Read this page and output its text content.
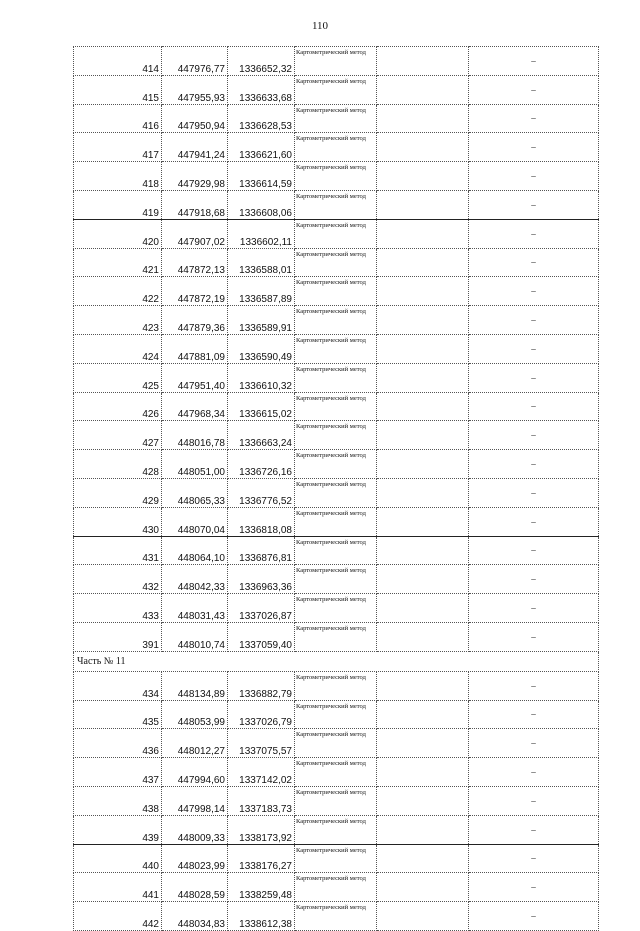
110
414	447976,77	1336652,32	Картометрический метод		–
415	447955,93	1336633,68	Картометрический метод		–
416	447950,94	1336628,53	Картометрический метод		–
417	447941,24	1336621,60	Картометрический метод		–
418	447929,98	1336614,59	Картометрический метод		–
419	447918,68	1336608,06	Картометрический метод		–
420	447907,02	1336602,11	Картометрический метод		–
421	447872,13	1336588,01	Картометрический метод		–
422	447872,19	1336587,89	Картометрический метод		–
423	447879,36	1336589,91	Картометрический метод		–
424	447881,09	1336590,49	Картометрический метод		–
425	447951,40	1336610,32	Картометрический метод		–
426	447968,34	1336615,02	Картометрический метод		–
427	448016,78	1336663,24	Картометрический метод		–
428	448051,00	1336726,16	Картометрический метод		–
429	448065,33	1336776,52	Картометрический метод		–
430	448070,04	1336818,08	Картометрический метод		–
431	448064,10	1336876,81	Картометрический метод		–
432	448042,33	1336963,36	Картометрический метод		–
433	448031,43	1337026,87	Картометрический метод		–
391	448010,74	1337059,40	Картометрический метод		–
Часть № 11					
434	448134,89	1336882,79	Картометрический метод		–
435	448053,99	1337026,79	Картометрический метод		–
436	448012,27	1337075,57	Картометрический метод		–
437	447994,60	1337142,02	Картометрический метод		–
438	447998,14	1337183,73	Картометрический метод		–
439	448009,33	1338173,92	Картометрический метод		–
440	448023,99	1338176,27	Картометрический метод		–
441	448028,59	1338259,48	Картометрический метод		–
442	448034,83	1338612,38	Картометрический метод		–
